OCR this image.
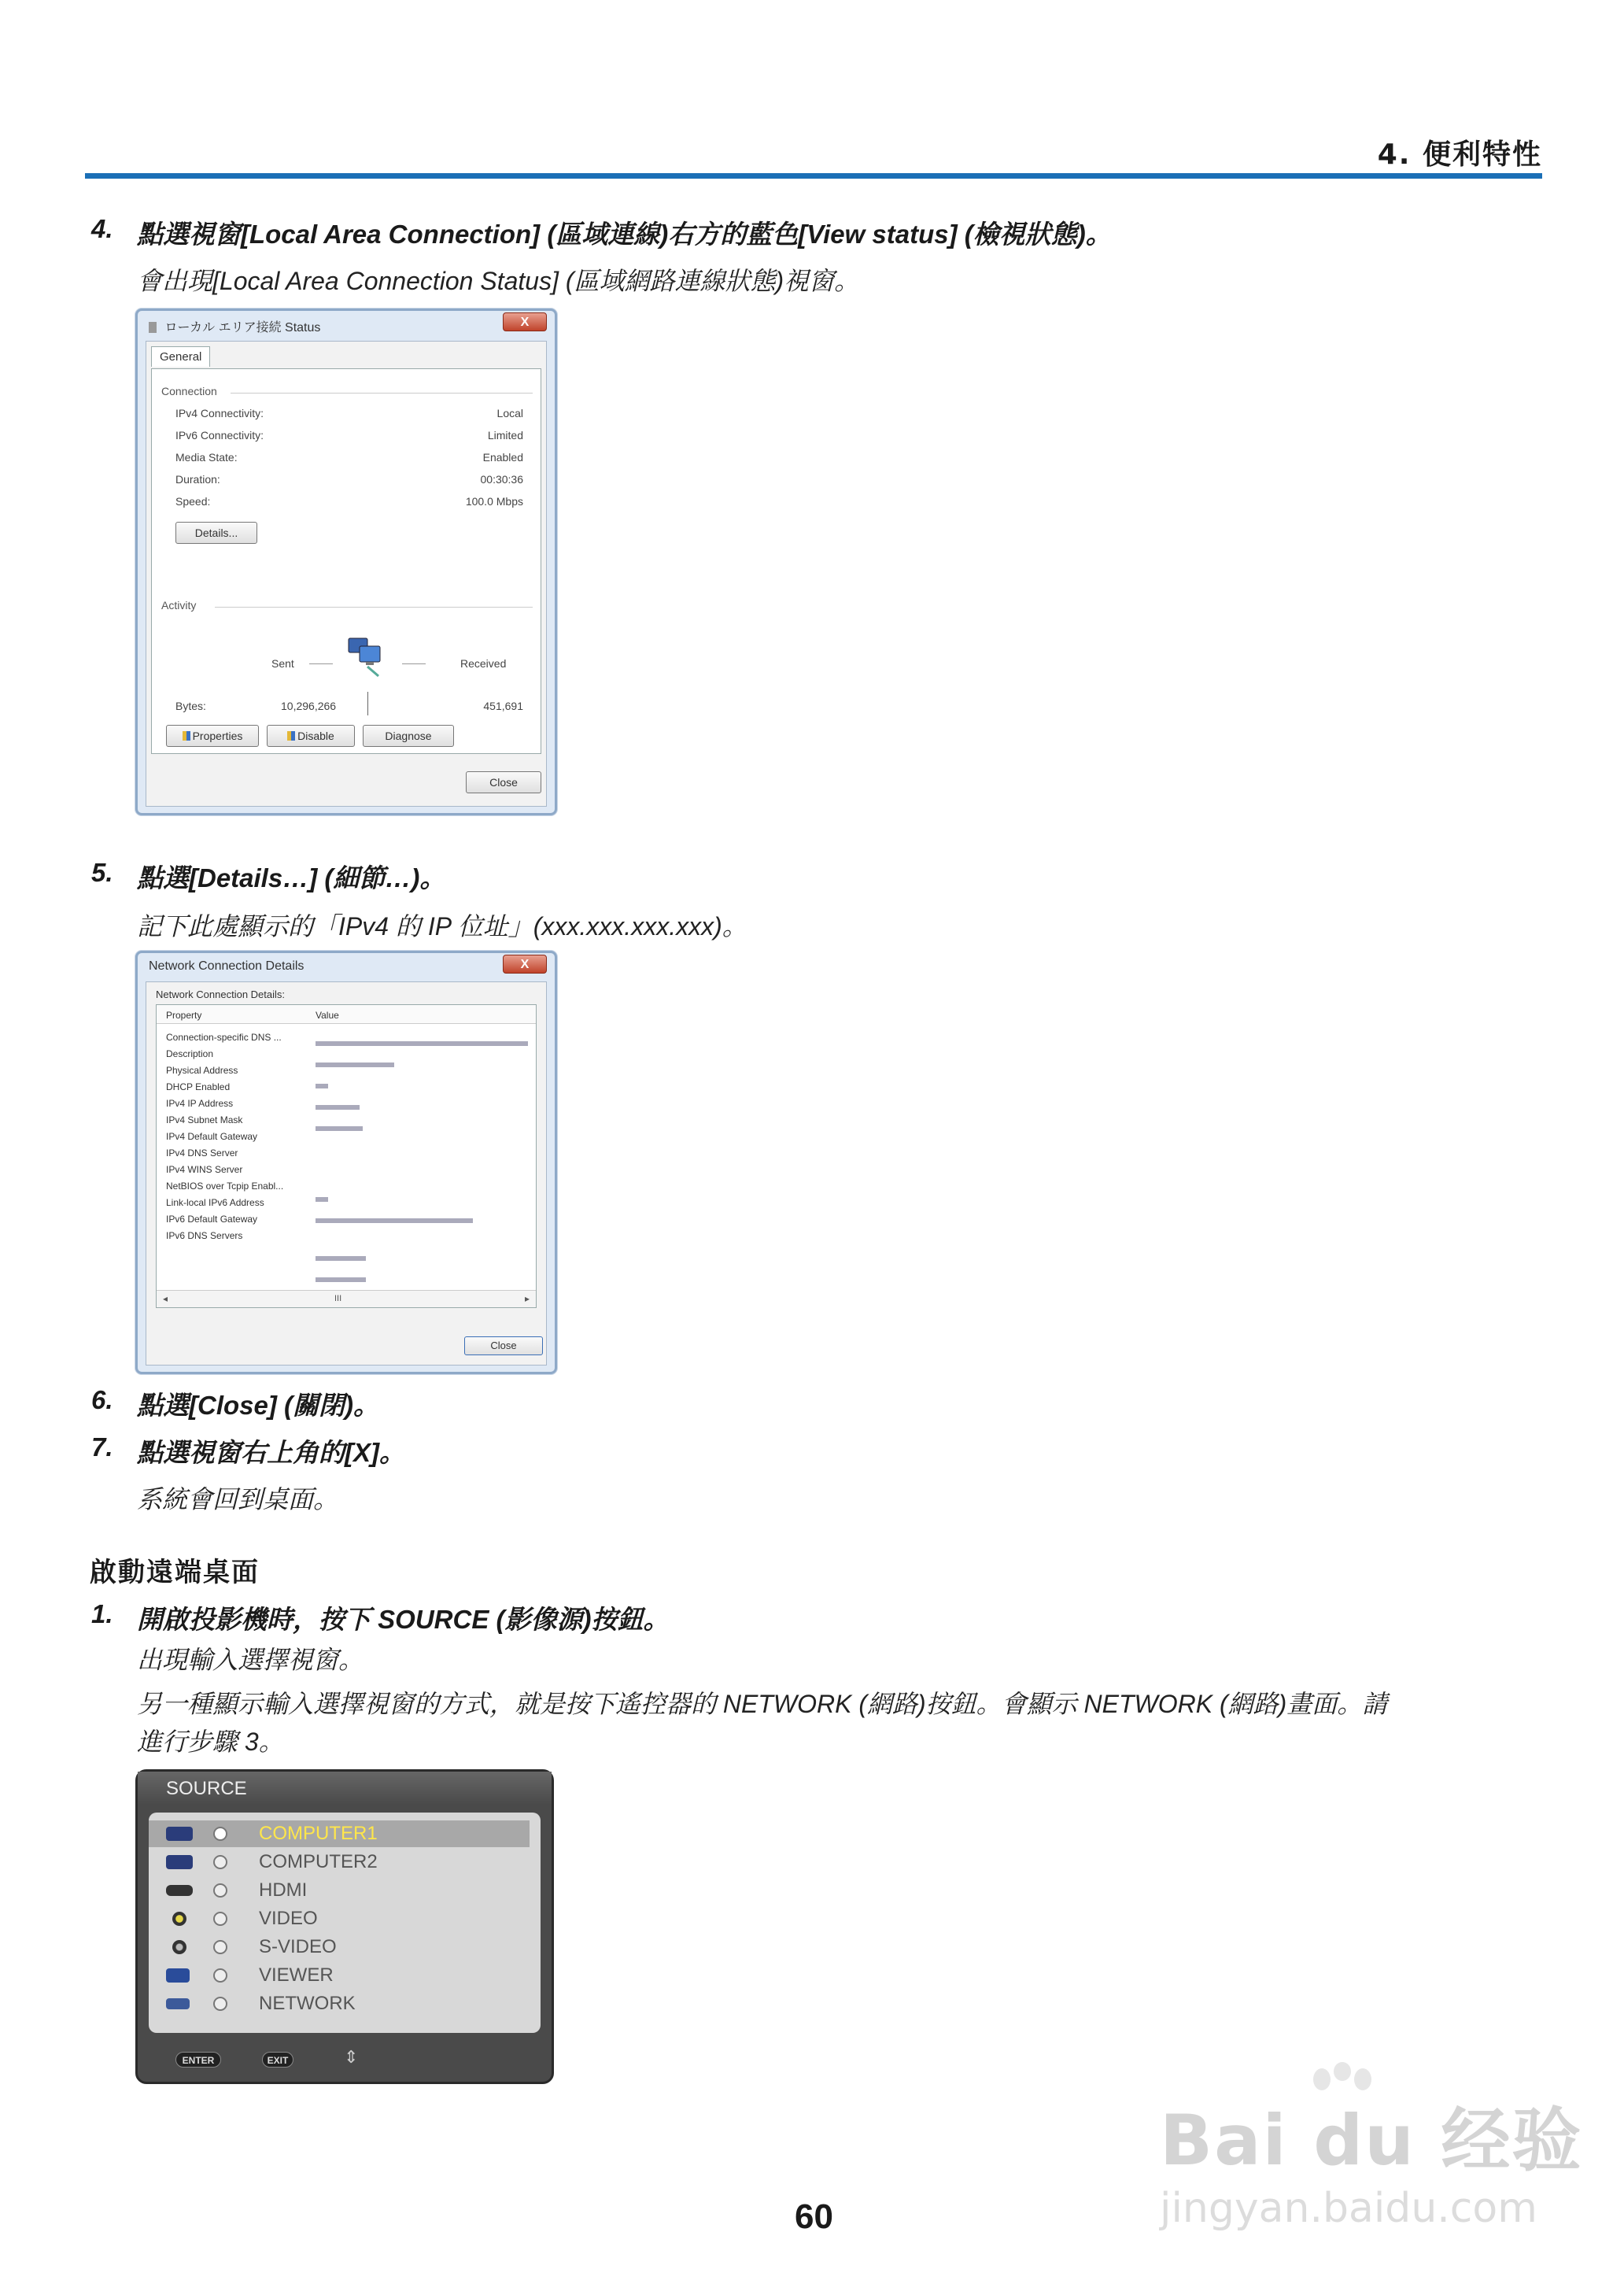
4. 便利特性
4. 點選視窗[Local Area Connection] (區域連線)右方的藍色[View status] (檢視狀態)。
會出現[Local Area Connection Status] (區域網路連線狀態)視窗。
ローカル エリア接続 Status	X
General
Connection
IPv4 Connectivity:	Local
IPv6 Connectivity:	Limited
Media State:	Enabled
Duration:	00:30:36
Speed:	100.0 Mbps
Details...
Activity
Sent	Received
Bytes:	10,296,266	451,691
Properties	Disable	Diagnose
Close
5. 點選[Details…] (細節…)。
記下此處顯示的「IPv4 的 IP 位址」(xxx.xxx.xxx.xxx)。
Network Connection Details	X
Network Connection Details:
Property	Value
Connection-specific DNS ...
Description
Physical Address
DHCP Enabled
IPv4 IP Address
IPv4 Subnet Mask
IPv4 Default Gateway
IPv4 DNS Server
IPv4 WINS Server
NetBIOS over Tcpip Enabl...
Link-local IPv6 Address
IPv6 Default Gateway
IPv6 DNS Servers
◂	III	▸
Close
6. 點選[Close] (關閉)。
7. 點選視窗右上角的[X]。
系統會回到桌面。
啟動遠端桌面
1. 開啟投影機時，按下 SOURCE (影像源)按鈕。
出現輸入選擇視窗。
另一種顯示輸入選擇視窗的方式，就是按下遙控器的 NETWORK (網路)按鈕。會顯示 NETWORK (網路)畫面。請
進行步驟 3。
SOURCE
COMPUTER1
COMPUTER2
HDMI
VIDEO
S-VIDEO
VIEWER
NETWORK
ENTER	EXIT	⇕
60
Bai du 经验
jingyan.baidu.com
